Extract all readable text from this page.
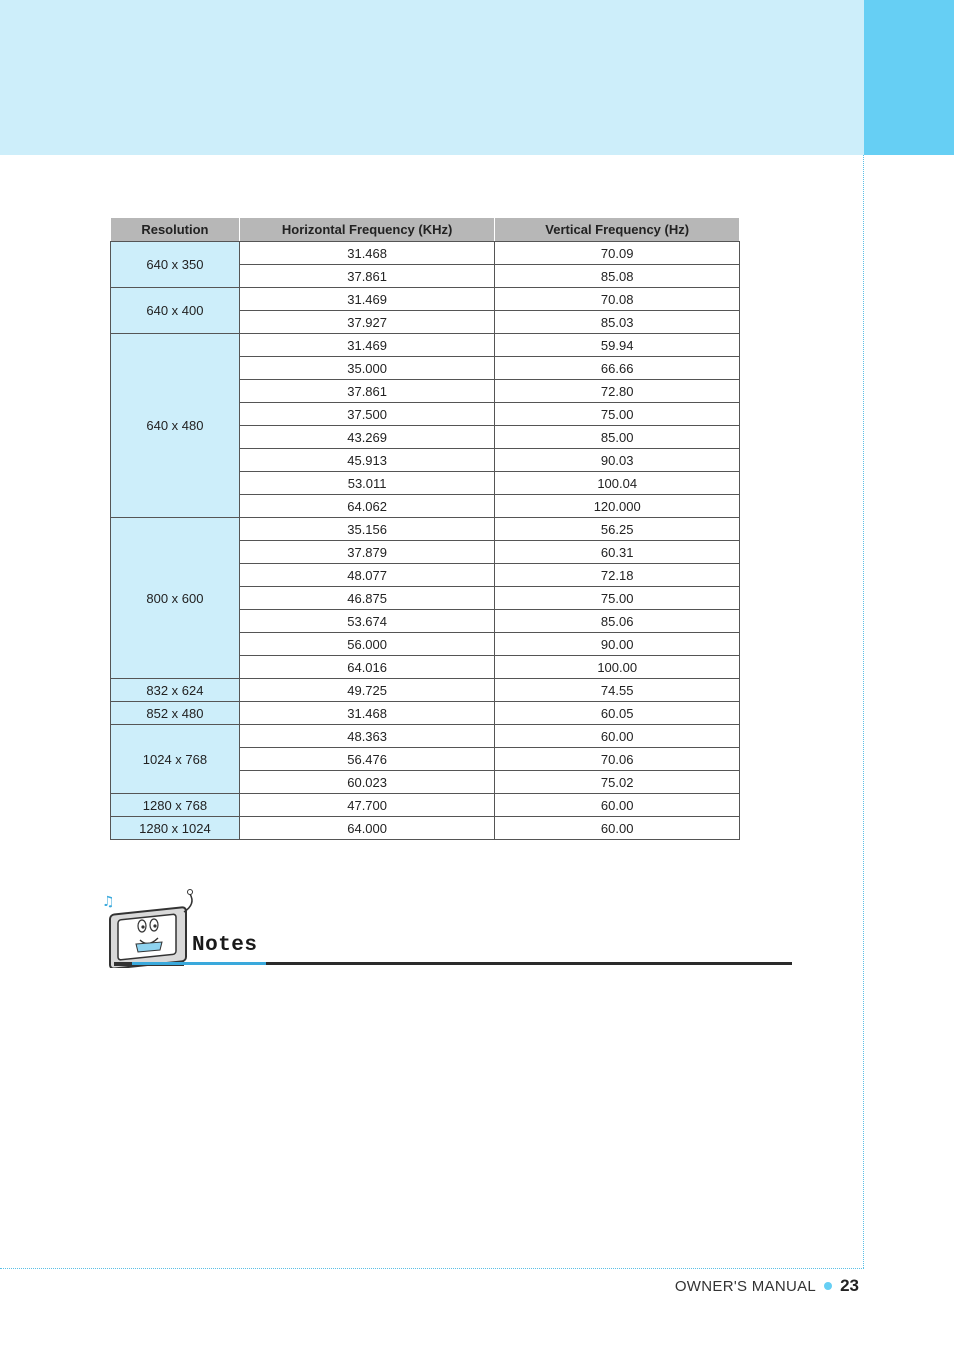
Resolution	Horizontal Frequency (KHz)	Vertical Frequency (Hz)
640 x 350	31.468	70.09
	37.861	85.08
640 x 400	31.469	70.08
	37.927	85.03
640 x 480	31.469	59.94
	35.000	66.66
	37.861	72.80
	37.500	75.00
	43.269	85.00
	45.913	90.03
	53.011	100.04
	64.062	120.000
800 x 600	35.156	56.25
	37.879	60.31
	48.077	72.18
	46.875	75.00
	53.674	85.06
	56.000	90.00
	64.016	100.00
832 x 624	49.725	74.55
852 x 480	31.468	60.05
1024 x 768	48.363	60.00
	56.476	70.06
	60.023	75.02
1280 x 768	47.700	60.00
1280 x 1024	64.000	60.00
♫
Notes
OWNER'S MANUAL 23
